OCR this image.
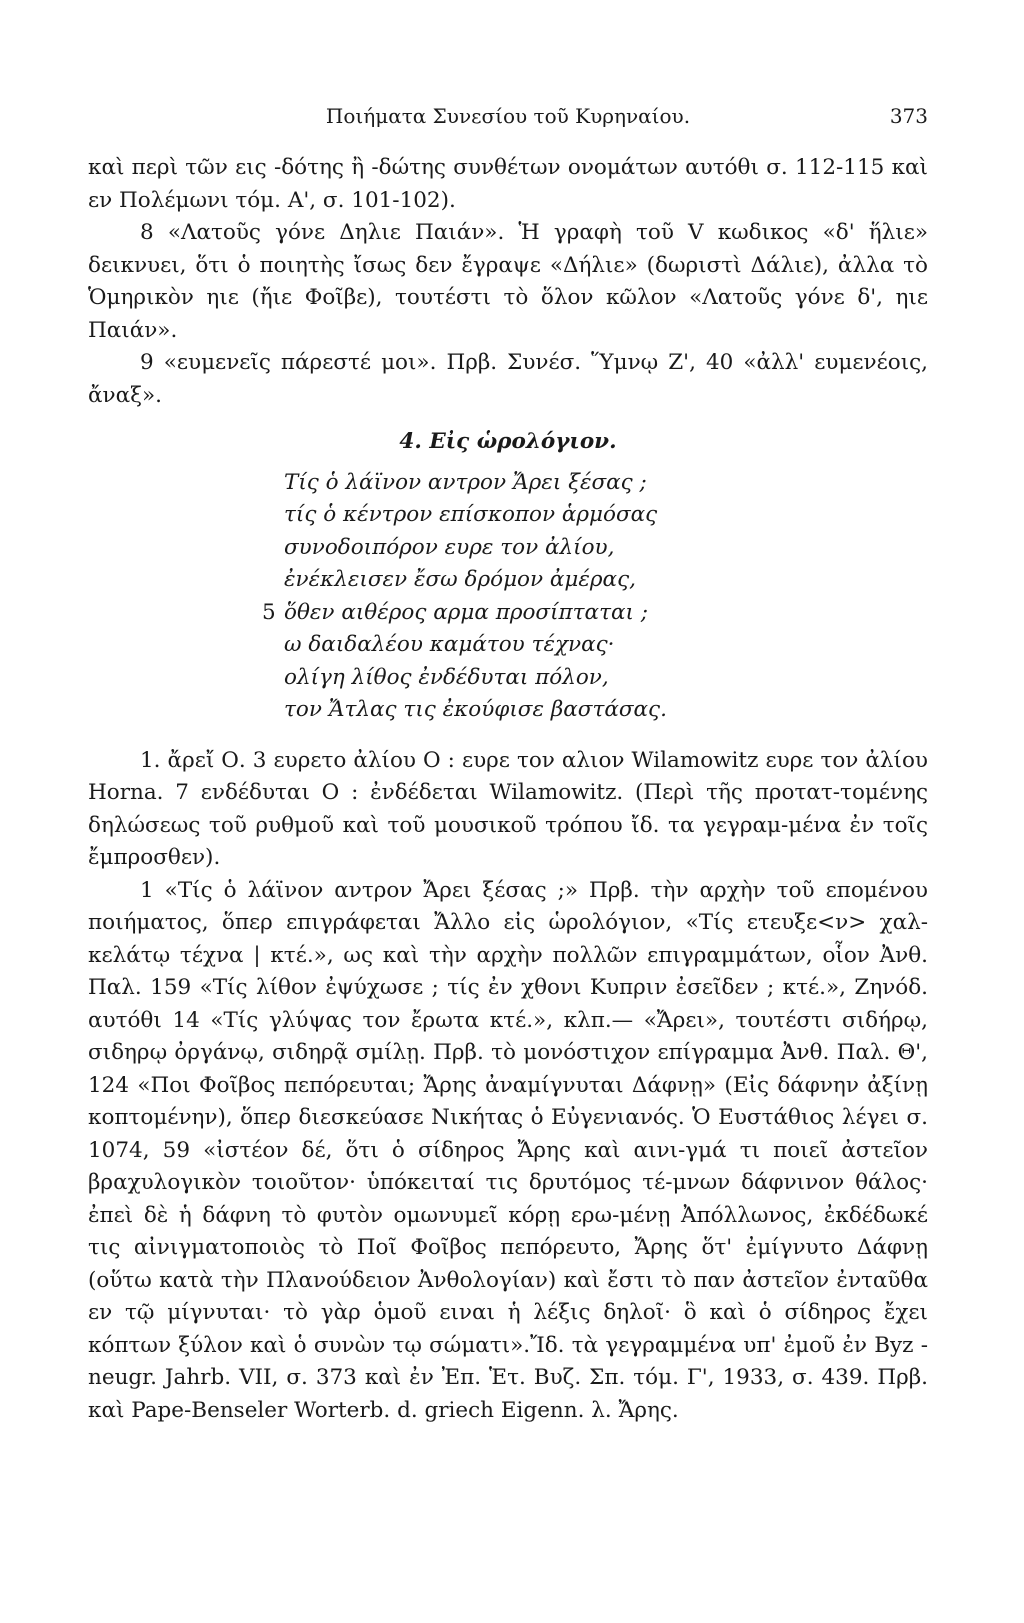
Ποιήματα Συνεσίου τοῦ Κυρηναίου.	373

καὶ περὶ τῶν εις -δότης ἢ -δώτης συνθέτων ονομάτων αυτόθι σ. 112-115 καὶ εν Πολέμωνι τόμ. Α', σ. 101-102).

8 «Λατοῦς γόνε Δηλιε Παιάν». Ἡ γραφὴ τοῦ V κωδικος «δ' ἥλιε» δεικνυει, ὅτι ὁ ποιητὴς ἴσως δεν ἔγραψε «Δήλιε» (δωριστὶ Δάλιε), ἀλλα τὸ Ὁμηρικὸν ηιε (ἤιε Φοῖβε), τουτέστι τὸ ὅλον κῶλον «Λατοῦς γόνε δ', ηιε Παιάν».

9 «ευμενεῖς πάρεστέ μοι». Πρβ. Συνέσ. Ὕμνῳ Ζ', 40 «ἀλλ' ευμενέοις, ἄναξ».

4. Εἰς ὡρολόγιον.
Τίς ὁ λάϊνον αντρον Ἄρει ξέσας ;
τίς ὁ κέντρον επίσκοπον ἁρμόσας
συνοδοιπόρον ευρε τον ἀλίου,
ἐνέκλεισεν ἔσω δρόμον ἀμέρας,
5 ὅθεν αιθέρος αρμα προσίπταται ;
ω δαιδαλέου καμάτου τέχνας·
ολίγη λίθος ἐνδέδυται πόλον,
τον Ἄτλας τις ἐκούφισε βαστάσας.

1. ἄρεἴ Ο. 3 ευρετο ἀλίου Ο : ευρε τον αλιον Wilamowitz ευρε τον ἀλίου Horna. 7 ενδέδυται Ο : ἐνδέδεται Wilamowitz. (Περὶ τῆς προτατ-τομένης δηλώσεως τοῦ ρυθμοῦ καὶ τοῦ μουσικοῦ τρόπου ἴδ. τα γεγραμ-μένα ἐν τοῖς ἔμπροσθεν).

1 «Τίς ὁ λάϊνον αντρον Ἄρει ξέσας ;» Πρβ. τὴν αρχὴν τοῦ επομένου ποιήματος, ὅπερ επιγράφεται Ἄλλο εἰς ὡρολόγιον, «Τίς ετευξε<ν> χαλ-κελάτῳ τέχνα | κτέ.», ως καὶ τὴν αρχὴν πολλῶν επιγραμμάτων, οἷον Ἀνθ. Παλ. 159 «Τίς λίθον ἐψύχωσε ; τίς ἐν χθονι Κυπριν ἐσεῖδεν ; κτέ.», Ζηνόδ. αυτόθι 14 «Τίς γλύψας τον ἔρωτα κτέ.», κλπ.— «Ἄρει», τουτέστι σιδήρῳ, σιδηρῳ ὀργάνῳ, σιδηρᾷ σμίλῃ. Πρβ. τὸ μονόστιχον επίγραμμα Ἀνθ. Παλ. Θ', 124 «Ποι Φοῖβος πεπόρευται; Ἄρης ἀναμίγνυται Δάφνῃ» (Εἰς δάφνην ἀξίνῃ κοπτομένην), ὅπερ διεσκεύασε Νικήτας ὁ Εὐγενιανός. Ὁ Ευστάθιος λέγει σ. 1074, 59 «ἰστέον δέ, ὅτι ὁ σίδηρος Ἄρης καὶ αινι-γμά τι ποιεῖ ἀστεῖον βραχυλογικὸν τοιοῦτον· ὑπόκειταί τις δρυτόμος τέ-μνων δάφνινον θάλος· ἐπεὶ δὲ ἡ δάφνη τὸ φυτὸν ομωνυμεῖ κόρῃ ερω-μένῃ Ἀπόλλωνος, ἐκδέδωκέ τις αἰνιγματοποιὸς τὸ Ποῖ Φοῖβος πεπόρευτο, Ἄρης ὅτ' ἐμίγνυτο Δάφνῃ (οὕτω κατὰ τὴν Πλανούδειον Ἀνθολογίαν) καὶ ἔστι τὸ παν ἀστεῖον ἐνταῦθα εν τῷ μίγνυται· τὸ γὰρ ὁμοῦ ειναι ἡ λέξις δηλοῖ· ὃ καὶ ὁ σίδηρος ἔχει κόπτων ξύλον καὶ ὁ συνὼν τῳ σώματι».Ἴδ. τὰ γεγραμμένα υπ' ἐμοῦ ἐν Byz -neugr. Jahrb. VII, σ. 373 καὶ ἐν Ἐπ. Ἑτ. Βυζ. Σπ. τόμ. Γ', 1933, σ. 439. Πρβ. καὶ Pape-Benseler Worterb. d. griech Eigenn. λ. Ἄρης.
